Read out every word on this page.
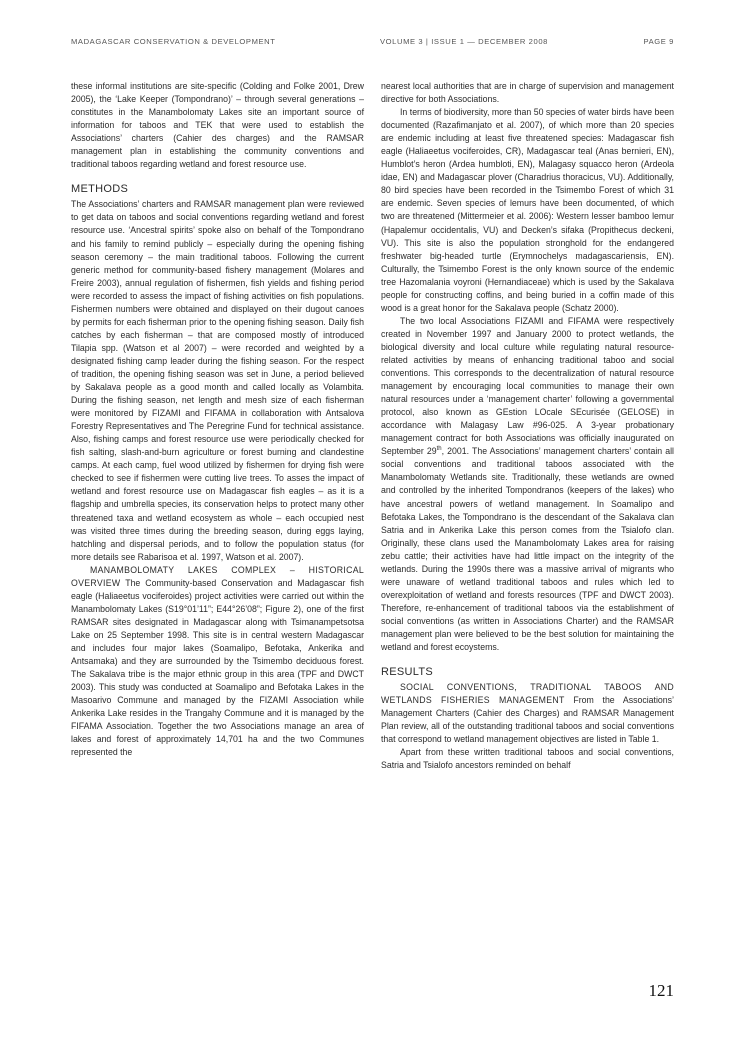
MADAGASCAR CONSERVATION & DEVELOPMENT	VOLUME 3 | ISSUE 1 — DECEMBER 2008	PAGE 9

these informal institutions are site-specific (Colding and Folke 2001, Drew 2005), the ‘Lake Keeper (Tompondrano)’ – through several generations – constitutes in the Manambolomaty Lakes site an important source of information for taboos and TEK that were used to establish the Associations’ charters (Cahier des charges) and the RAMSAR management plan in establishing the community conventions and traditional taboos regarding wetland and forest resource use.

METHODS

The Associations’ charters and RAMSAR management plan were reviewed to get data on taboos and social conventions regarding wetland and forest resource use. ‘Ancestral spirits’ spoke also on behalf of the Tompondrano and his family to remind publicly – especially during the opening fishing season ceremony – the main traditional taboos. Following the current generic method for community-based fishery management (Molares and Freire 2003), annual regulation of fishermen, fish yields and fishing period were recorded to assess the impact of fishing activities on fish populations. Fishermen numbers were obtained and displayed on their dugout canoes by permits for each fisherman prior to the opening fishing season. Daily fish catches by each fisherman – that are composed mostly of introduced Tilapia spp. (Watson et al 2007) – were recorded and weighted by a designated fishing camp leader during the fishing season. For the respect of tradition, the opening fishing season was set in June, a period believed by Sakalava people as a good month and called locally as Volambita. During the fishing season, net length and mesh size of each fisherman were monitored by FIZAMI and FIFAMA in collaboration with Antsalova Forestry Representatives and The Peregrine Fund for technical assistance. Also, fishing camps and forest resource use were periodically checked for fish salting, slash-and-burn agriculture or forest burning and clandestine camps. At each camp, fuel wood utilized by fishermen for drying fish were checked to see if fishermen were cutting live trees. To asses the impact of wetland and forest resource use on Madagascar fish eagles – as it is a flagship and umbrella species, its conservation helps to protect many other threatened taxa and wetland ecosystem as whole – each occupied nest was visited three times during the breeding season, during eggs laying, hatchling and dispersal periods, and to follow the population status (for more details see Rabarisoa et al. 1997, Watson et al. 2007).

MANAMBOLOMATY LAKES COMPLEX – HISTORICAL OVERVIEW The Community-based Conservation and Madagascar fish eagle (Haliaeetus vociferoides) project activities were carried out within the Manambolomaty Lakes (S19°01’11”; E44°26’08”; Figure 2), one of the first RAMSAR sites designated in Madagascar along with Tsimanampetsotsa Lake on 25 September 1998. This site is in central western Madagascar and includes four major lakes (Soamalipo, Befotaka, Ankerika and Antsamaka) and they are surrounded by the Tsimembo deciduous forest. The Sakalava tribe is the major ethnic group in this area (TPF and DWCT 2003). This study was conducted at Soamalipo and Befotaka Lakes in the Masoarivo Commune and managed by the FIZAMI Association while Ankerika Lake resides in the Trangahy Commune and it is managed by the FIFAMA Association. Together the two Associations manage an area of lakes and forest of approximately 14,701 ha and the two Communes represented the

nearest local authorities that are in charge of supervision and management directive for both Associations.

In terms of biodiversity, more than 50 species of water birds have been documented (Razafimanjato et al. 2007), of which more than 20 species are endemic including at least five threatened species: Madagascar fish eagle (Haliaeetus vociferoides, CR), Madagascar teal (Anas bernieri, EN), Humblot’s heron (Ardea humbloti, EN), Malagasy squacco heron (Ardeola idae, EN) and Madagascar plover (Charadrius thoracicus, VU). Additionally, 80 bird species have been recorded in the Tsimembo Forest of which 31 are endemic. Seven species of lemurs have been documented, of which two are threatened (Mittermeier et al. 2006): Western lesser bamboo lemur (Hapalemur occidentalis, VU) and Decken’s sifaka (Propithecus deckeni, VU). This site is also the population stronghold for the endangered freshwater big-headed turtle (Erymnochelys madagascariensis, EN). Culturally, the Tsimembo Forest is the only known source of the endemic tree Hazomalania voyroni (Hernandiaceae) which is used by the Sakalava people for constructing coffins, and being buried in a coffin made of this wood is a great honor for the Sakalava people (Schatz 2000).

The two local Associations FIZAMI and FIFAMA were respectively created in November 1997 and January 2000 to protect wetlands, the biological diversity and local culture while regulating natural resource-related activities by means of enhancing traditional taboo and social conventions. This corresponds to the decentralization of natural resource management by encouraging local communities to manage their own natural resources under a ‘management charter’ following a governmental protocol, also known as GEstion LOcale SEcurisée (GELOSE) in accordance with Malagasy Law #96-025. A 3-year probationary management contract for both Associations was officially inaugurated on September 29th, 2001. The Associations’ management charters’ contain all social conventions and traditional taboos associated with the Manambolomaty Wetlands site. Traditionally, these wetlands are owned and controlled by the inherited Tompondranos (keepers of the lakes) who have ancestral powers of wetland management. In Soamalipo and Befotaka Lakes, the Tompondrano is the descendant of the Sakalava clan Satria and in Ankerika Lake this person comes from the Tsialofo clan. Originally, these clans used the Manambolomaty Lakes area for raising zebu cattle; their activities have had little impact on the integrity of the wetlands. During the 1990s there was a massive arrival of migrants who were unaware of wetland traditional taboos and rules which led to overexploitation of wetland and forests resources (TPF and DWCT 2003). Therefore, re-enhancement of traditional taboos via the establishment of social conventions (as written in Associations Charter) and the RAMSAR management plan were believed to be the best solution for maintaining the wetland and forest ecoystems.

RESULTS

SOCIAL CONVENTIONS, TRADITIONAL TABOOS AND WETLANDS FISHERIES MANAGEMENT From the Associations’ Management Charters (Cahier des Charges) and RAMSAR Management Plan review, all of the outstanding traditional taboos and social conventions that correspond to wetland management objectives are listed in Table 1.

Apart from these written traditional taboos and social conventions, Satria and Tsialofo ancestors reminded on behalf

121
